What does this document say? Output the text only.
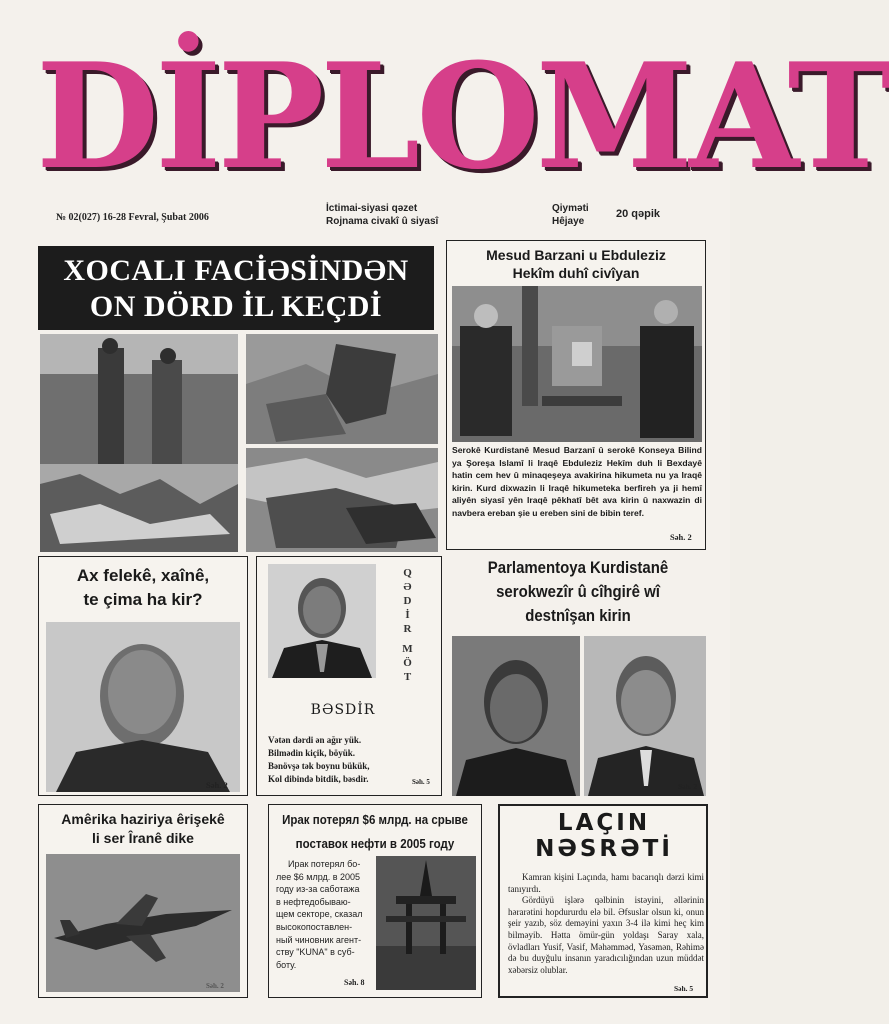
DİPLOMAT
№ 02(027) 16-28 Fevral, Şubat 2006
İctimai-siyasi qəzet
Rojnama civakî û siyasî
Qiyməti
Hêjaye
20 qəpik
XOCALI FACİƏSİNDƏN
ON DÖRD İL KEÇDİ
Mesud Barzani u Ebduleziz
Hekîm duhî civîyan
Serokê Kurdistanê Mesud Barzanî û serokê Konseya Bilind ya Şoreşa Islamî li Iraqê Ebduleziz Hekîm duh li Bexdayê hatin cem hev û minaqeşeya avakirina hikumeta nu ya Iraqê kirin. Kurd dixwazin li Iraqê hikumeteka berfireh ya ji hemî aliyên siyasî yên Iraqê pêkhatî bêt ava kirin û naxwazin di navbera ereban şie u ereben sini de bibin teref.
Səh. 2
Ax felekê, xaînê,
te çima ha kir?
Səh. 2
Q
Ə
D
İ
R
M
Ö
T
BƏSDİR
Vətən dərdi ən ağır yük.
Bilmədin kiçik, böyük.
Bənövşə tək boynu bükük,
Kol dibində bitdik, bəsdir.	Səh. 5
Parlamentoya Kurdistanê
serokwezîr û cîhgirê wî
destnîşan kirin
Səh. 2
Amêrika haziriya êrişekê
li ser Îranê dike
Səh. 2
Ирак потерял $6 млрд. на срыве
поставок нефти в 2005 году
Ирак потерял бо-
лее $6 млрд. в 2005
году из-за саботажа
в нефтедобываю-
щем секторе, сказал
высокопоставлен-
ный чиновник агент-
ству "KUNA" в суб-
боту.
Səh. 8
LAÇIN
NƏSRƏTİ

Kamran kişini Laçında, hamı bacarıqlı dərzi kimi tanıyırdı.

Gördüyü işlərə qəlbinin istəyini, əllərinin hərarətini hopdururdu elə bil. Əfsuslar olsun ki, onun şeir yazıb, söz deməyini yaxın 3-4 ilə kimi heç kim bilməyib. Hətta ömür-gün yoldaşı Saray xala, övladları Yusif, Vasif, Məhəmməd, Yasəmən, Rəhimə də bu duyğulu insanın yaradıcılığından uzun müddət xəbərsiz olublar.

Səh. 5
